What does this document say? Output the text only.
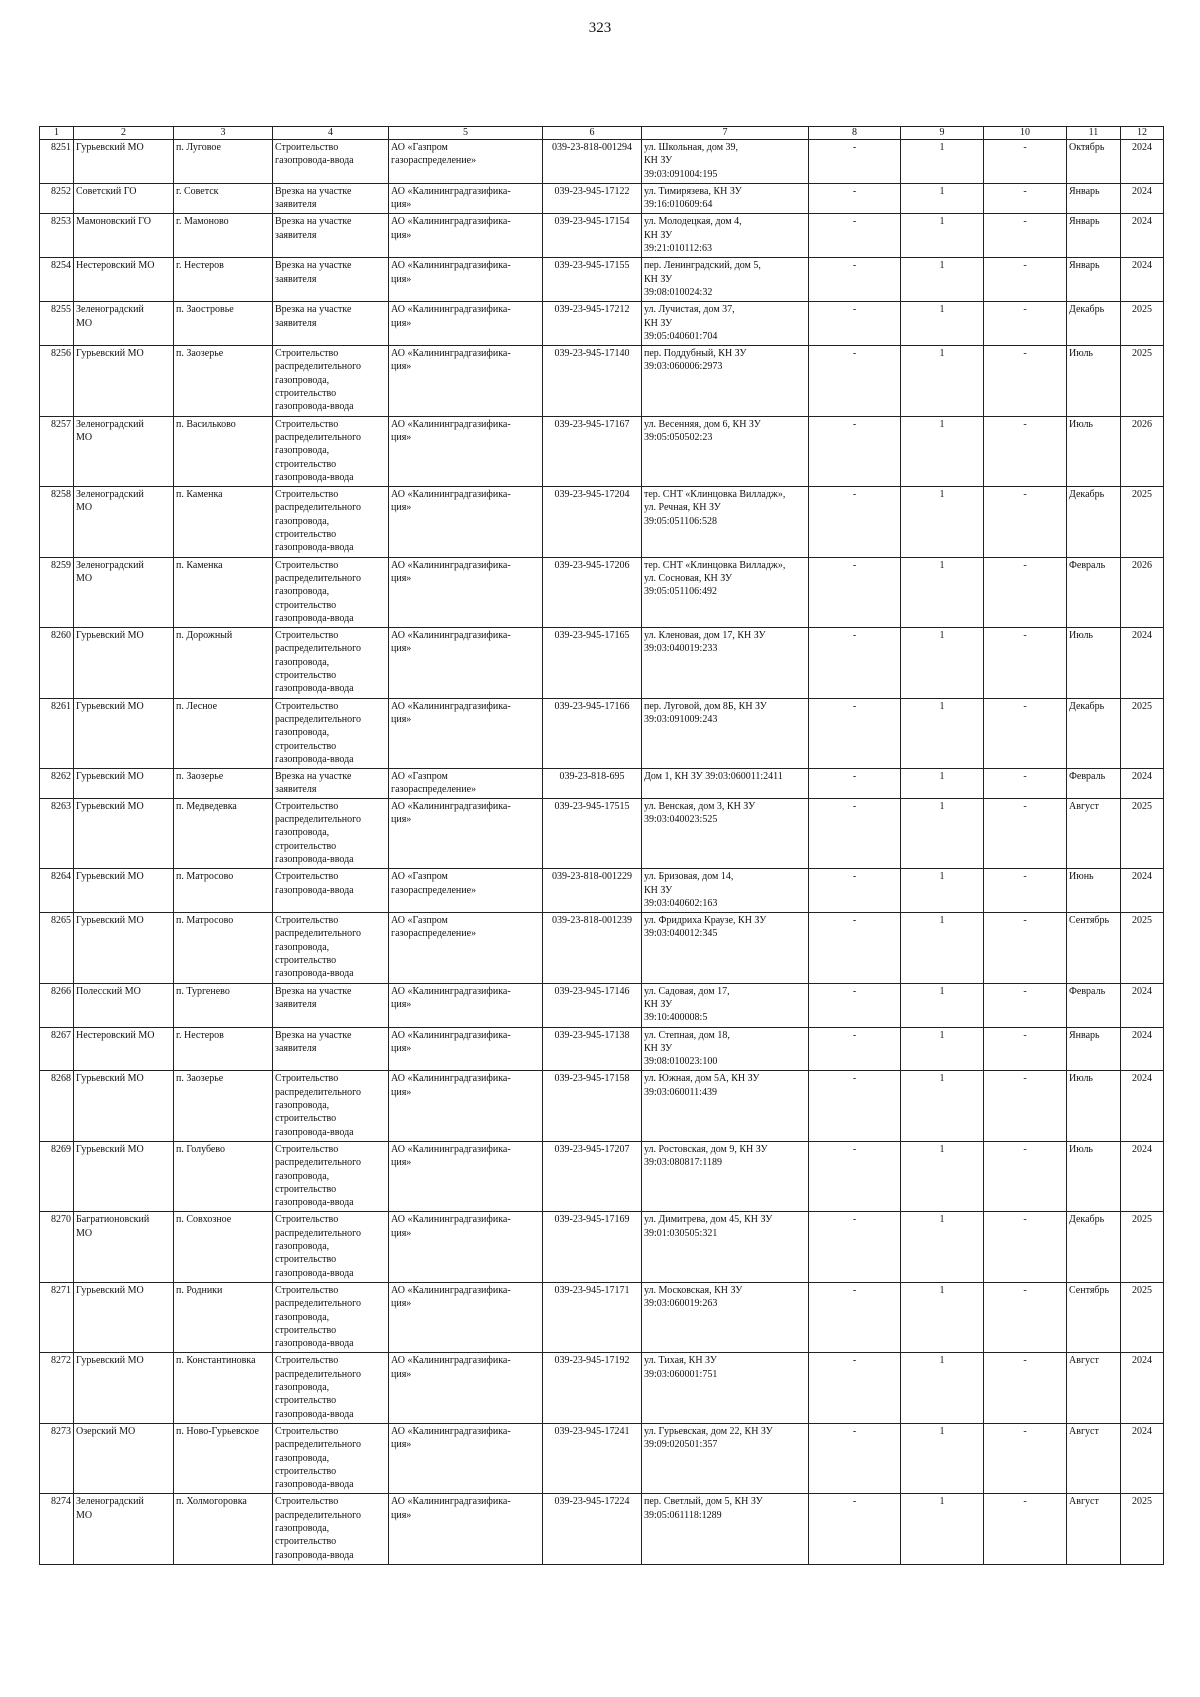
323
1	2	3	4	5	6	7	8	9	10	11	12

8251	Гурьевский МО	п. Луговое	Строительство
газопровода-ввода	АО «Газпром
газораспределение»	039-23-818-001294	ул. Школьная, дом 39,
КН ЗУ
39:03:091004:195	-	1	-	Октябрь	2024

8252	Советский ГО	г. Советск	Врезка на участке
заявителя	АО «Калининградгазифика-
ция»	039-23-945-17122	ул. Тимирязева, КН ЗУ
39:16:010609:64	-	1	-	Январь	2024

8253	Мамоновский ГО	г. Мамоново	Врезка на участке
заявителя	АО «Калининградгазифика-
ция»	039-23-945-17154	ул. Молодецкая, дом 4,
КН ЗУ
39:21:010112:63	-	1	-	Январь	2024

8254	Нестеровский МО	г. Нестеров	Врезка на участке
заявителя	АО «Калининградгазифика-
ция»	039-23-945-17155	пер. Ленинградский, дом 5,
КН ЗУ
39:08:010024:32	-	1	-	Январь	2024

8255	Зеленоградский
МО	п. Заостровье	Врезка на участке
заявителя	АО «Калининградгазифика-
ция»	039-23-945-17212	ул. Лучистая, дом 37,
КН ЗУ
39:05:040601:704	-	1	-	Декабрь	2025

8256	Гурьевский МО	п. Заозерье	Строительство
распределительного
газопровода,
строительство
газопровода-ввода	АО «Калининградгазифика-
ция»	039-23-945-17140	пер. Поддубный, КН ЗУ
39:03:060006:2973	-	1	-	Июль	2025

8257	Зеленоградский
МО	п. Васильково	Строительство
распределительного
газопровода,
строительство
газопровода-ввода	АО «Калининградгазифика-
ция»	039-23-945-17167	ул. Весенняя, дом 6, КН ЗУ
39:05:050502:23	-	1	-	Июль	2026

8258	Зеленоградский
МО	п. Каменка	Строительство
распределительного
газопровода,
строительство
газопровода-ввода	АО «Калининградгазифика-
ция»	039-23-945-17204	тер. СНТ «Клинцовка Вилладж»,
ул. Речная, КН ЗУ
39:05:051106:528	-	1	-	Декабрь	2025

8259	Зеленоградский
МО	п. Каменка	Строительство
распределительного
газопровода,
строительство
газопровода-ввода	АО «Калининградгазифика-
ция»	039-23-945-17206	тер. СНТ «Клинцовка Вилладж»,
ул. Сосновая, КН ЗУ
39:05:051106:492	-	1	-	Февраль	2026

8260	Гурьевский МО	п. Дорожный	Строительство
распределительного
газопровода,
строительство
газопровода-ввода	АО «Калининградгазифика-
ция»	039-23-945-17165	ул. Кленовая, дом 17, КН ЗУ
39:03:040019:233	-	1	-	Июль	2024

8261	Гурьевский МО	п. Лесное	Строительство
распределительного
газопровода,
строительство
газопровода-ввода	АО «Калининградгазифика-
ция»	039-23-945-17166	пер. Луговой, дом 8Б, КН ЗУ
39:03:091009:243	-	1	-	Декабрь	2025

8262	Гурьевский МО	п. Заозерье	Врезка на участке
заявителя	АО «Газпром
газораспределение»	039-23-818-695	Дом 1, КН ЗУ 39:03:060011:2411	-	1	-	Февраль	2024

8263	Гурьевский МО	п. Медведевка	Строительство
распределительного
газопровода,
строительство
газопровода-ввода	АО «Калининградгазифика-
ция»	039-23-945-17515	ул. Венская, дом 3, КН ЗУ
39:03:040023:525	-	1	-	Август	2025

8264	Гурьевский МО	п. Матросово	Строительство
газопровода-ввода	АО «Газпром
газораспределение»	039-23-818-001229	ул. Бризовая, дом 14,
КН ЗУ
39:03:040602:163	-	1	-	Июнь	2024

8265	Гурьевский МО	п. Матросово	Строительство
распределительного
газопровода,
строительство
газопровода-ввода	АО «Газпром
газораспределение»	039-23-818-001239	ул. Фридриха Краузе, КН ЗУ
39:03:040012:345	-	1	-	Сентябрь	2025

8266	Полесский МО	п. Тургенево	Врезка на участке
заявителя	АО «Калининградгазифика-
ция»	039-23-945-17146	ул. Садовая, дом 17,
КН ЗУ
39:10:400008:5	-	1	-	Февраль	2024

8267	Нестеровский МО	г. Нестеров	Врезка на участке
заявителя	АО «Калининградгазифика-
ция»	039-23-945-17138	ул. Степная, дом 18,
КН ЗУ
39:08:010023:100	-	1	-	Январь	2024

8268	Гурьевский МО	п. Заозерье	Строительство
распределительного
газопровода,
строительство
газопровода-ввода	АО «Калининградгазифика-
ция»	039-23-945-17158	ул. Южная, дом 5А, КН ЗУ
39:03:060011:439	-	1	-	Июль	2024

8269	Гурьевский МО	п. Голубево	Строительство
распределительного
газопровода,
строительство
газопровода-ввода	АО «Калининградгазифика-
ция»	039-23-945-17207	ул. Ростовская, дом 9, КН ЗУ
39:03:080817:1189	-	1	-	Июль	2024

8270	Багратионовский
МО	п. Совхозное	Строительство
распределительного
газопровода,
строительство
газопровода-ввода	АО «Калининградгазифика-
ция»	039-23-945-17169	ул. Димитрева, дом 45, КН ЗУ
39:01:030505:321	-	1	-	Декабрь	2025

8271	Гурьевский МО	п. Родники	Строительство
распределительного
газопровода,
строительство
газопровода-ввода	АО «Калининградгазифика-
ция»	039-23-945-17171	ул. Московская, КН ЗУ
39:03:060019:263	-	1	-	Сентябрь	2025

8272	Гурьевский МО	п. Константиновка	Строительство
распределительного
газопровода,
строительство
газопровода-ввода	АО «Калининградгазифика-
ция»	039-23-945-17192	ул. Тихая, КН ЗУ
39:03:060001:751	-	1	-	Август	2024

8273	Озерский МО	п. Ново-Гурьевское	Строительство
распределительного
газопровода,
строительство
газопровода-ввода	АО «Калининградгазифика-
ция»	039-23-945-17241	ул. Гурьевская, дом 22, КН ЗУ
39:09:020501:357	-	1	-	Август	2024

8274	Зеленоградский
МО	п. Холмогоровка	Строительство
распределительного
газопровода,
строительство
газопровода-ввода	АО «Калининградгазифика-
ция»	039-23-945-17224	пер. Светлый, дом 5, КН ЗУ
39:05:061118:1289	-	1	-	Август	2025
